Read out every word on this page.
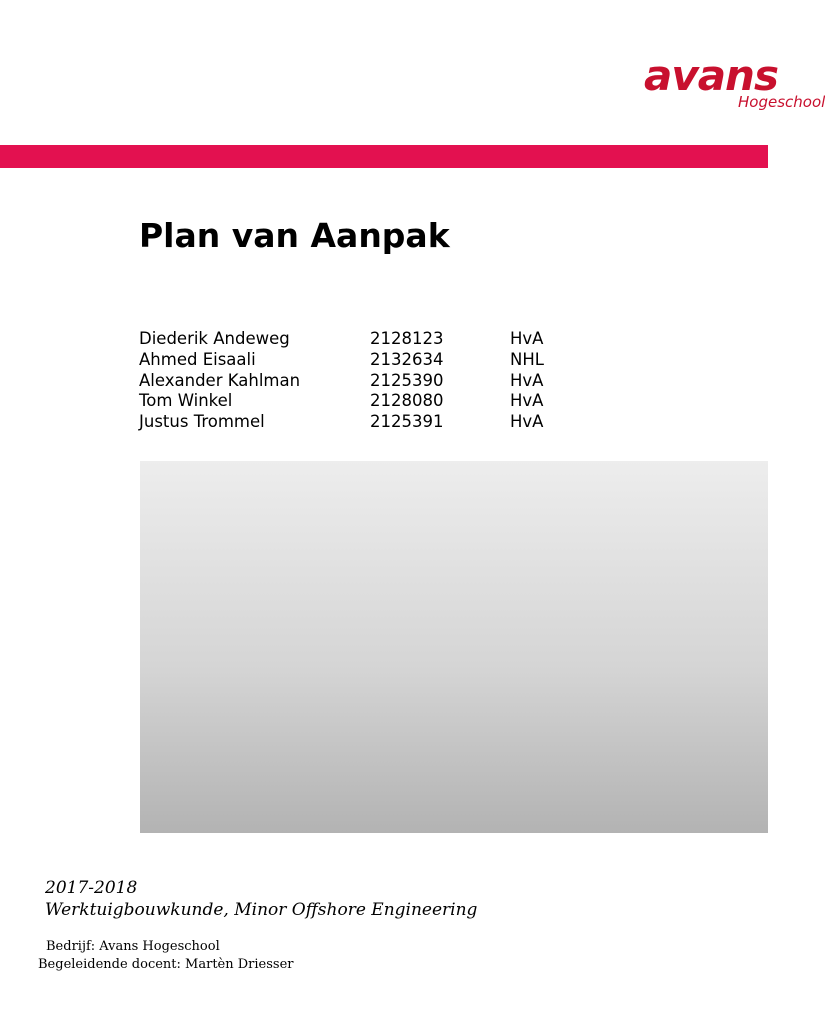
avans
Hogeschool
Plan van Aanpak
Diederik Andeweg	2128123	HvA
Ahmed Eisaali	2132634	NHL
Alexander Kahlman	2125390	HvA
Tom Winkel	2128080	HvA
Justus Trommel	2125391	HvA

2017-2018

Werktuigbouwkunde, Minor Offshore Engineering

Bedrijf: Avans Hogeschool

Begeleidende docent: Martèn Driesser
